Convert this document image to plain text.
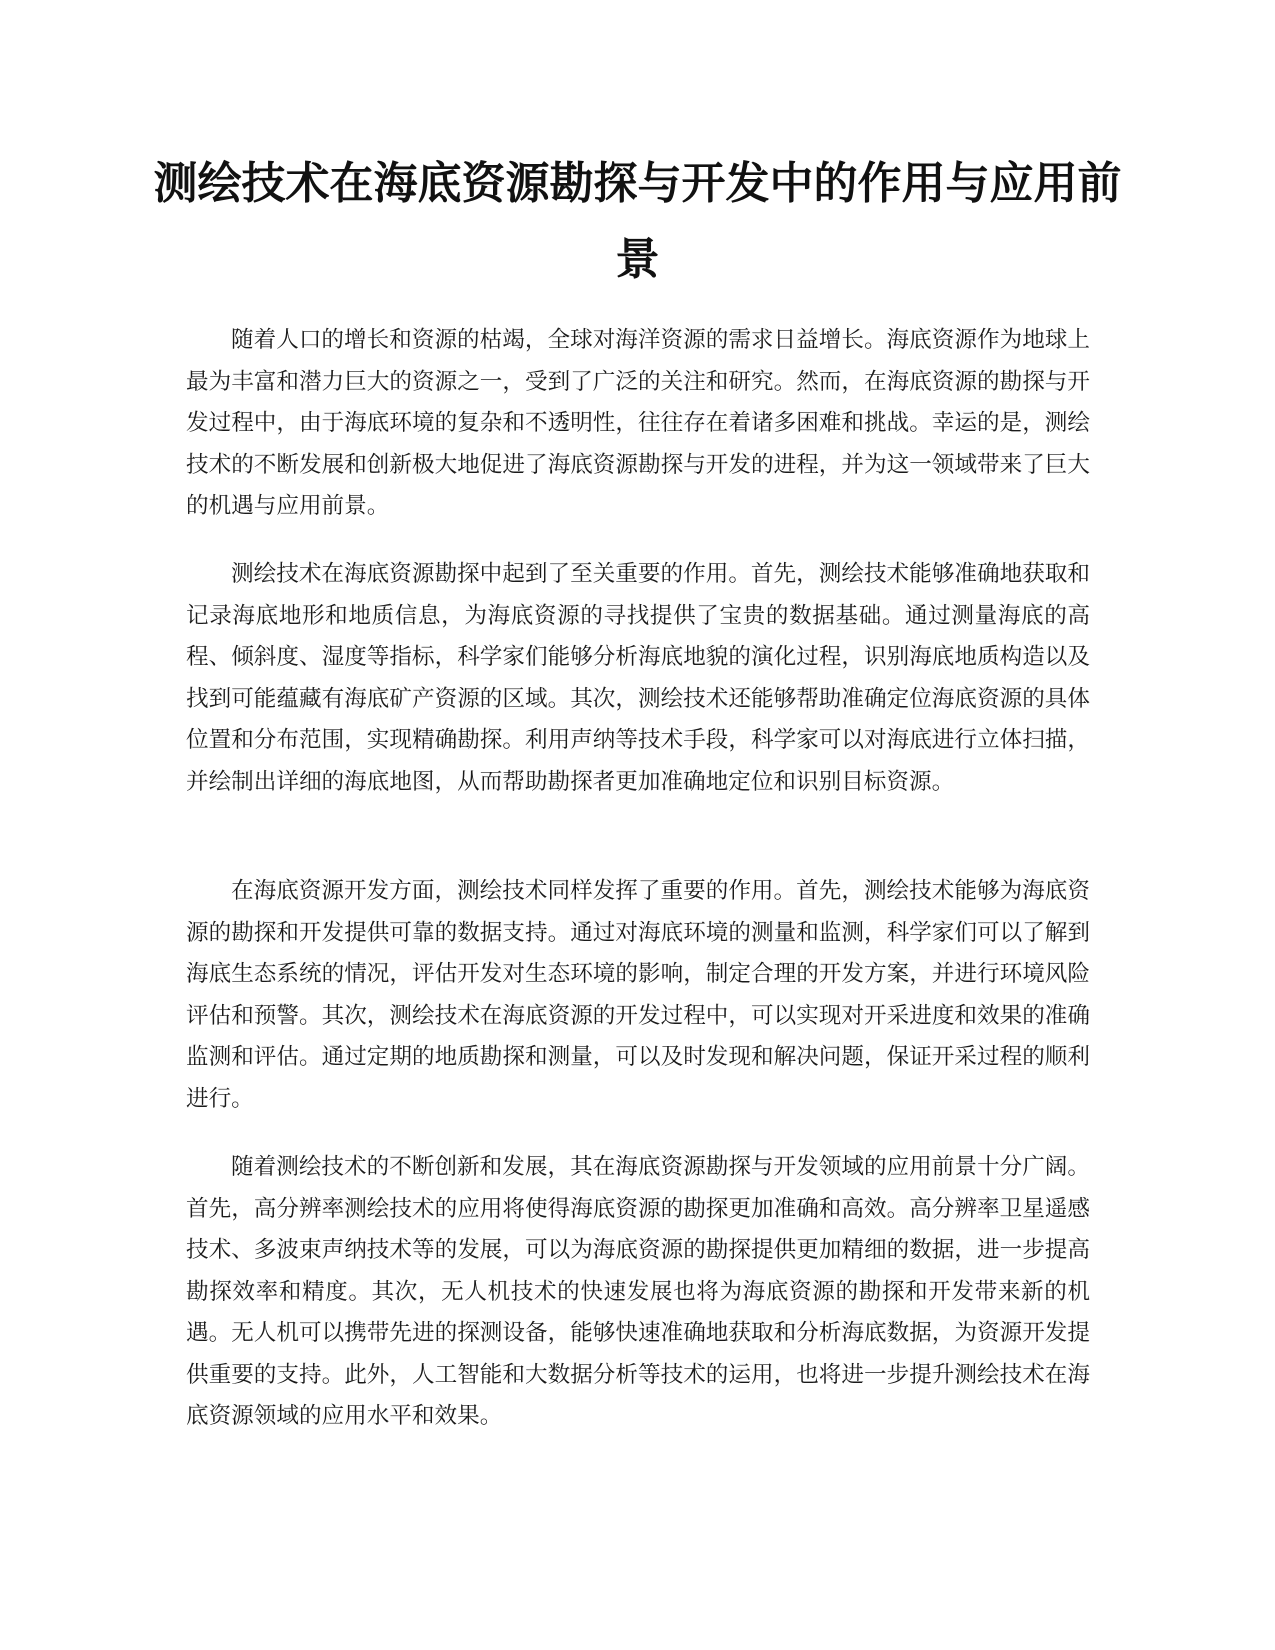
测绘技术在海底资源勘探与开发中的作用与应用前景

随着人口的增长和资源的枯竭，全球对海洋资源的需求日益增长。海底资源作为地球上最为丰富和潜力巨大的资源之一，受到了广泛的关注和研究。然而，在海底资源的勘探与开发过程中，由于海底环境的复杂和不透明性，往往存在着诸多困难和挑战。幸运的是，测绘技术的不断发展和创新极大地促进了海底资源勘探与开发的进程，并为这一领域带来了巨大的机遇与应用前景。

测绘技术在海底资源勘探中起到了至关重要的作用。首先，测绘技术能够准确地获取和记录海底地形和地质信息，为海底资源的寻找提供了宝贵的数据基础。通过测量海底的高程、倾斜度、湿度等指标，科学家们能够分析海底地貌的演化过程，识别海底地质构造以及找到可能蕴藏有海底矿产资源的区域。其次，测绘技术还能够帮助准确定位海底资源的具体位置和分布范围，实现精确勘探。利用声纳等技术手段，科学家可以对海底进行立体扫描，并绘制出详细的海底地图，从而帮助勘探者更加准确地定位和识别目标资源。

在海底资源开发方面，测绘技术同样发挥了重要的作用。首先，测绘技术能够为海底资源的勘探和开发提供可靠的数据支持。通过对海底环境的测量和监测，科学家们可以了解到海底生态系统的情况，评估开发对生态环境的影响，制定合理的开发方案，并进行环境风险评估和预警。其次，测绘技术在海底资源的开发过程中，可以实现对开采进度和效果的准确监测和评估。通过定期的地质勘探和测量，可以及时发现和解决问题，保证开采过程的顺利进行。

随着测绘技术的不断创新和发展，其在海底资源勘探与开发领域的应用前景十分广阔。首先，高分辨率测绘技术的应用将使得海底资源的勘探更加准确和高效。高分辨率卫星遥感技术、多波束声纳技术等的发展，可以为海底资源的勘探提供更加精细的数据，进一步提高勘探效率和精度。其次，无人机技术的快速发展也将为海底资源的勘探和开发带来新的机遇。无人机可以携带先进的探测设备，能够快速准确地获取和分析海底数据，为资源开发提供重要的支持。此外，人工智能和大数据分析等技术的运用，也将进一步提升测绘技术在海底资源领域的应用水平和效果。
